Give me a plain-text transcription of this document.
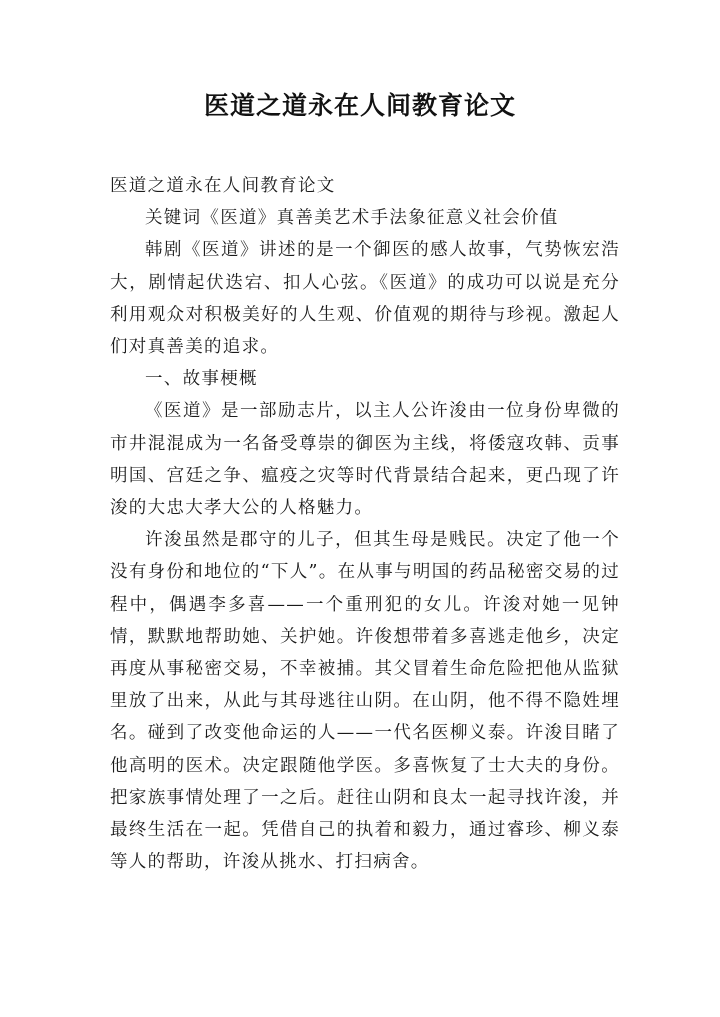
医道之道永在人间教育论文

医道之道永在人间教育论文

关键词《医道》真善美艺术手法象征意义社会价值

韩剧《医道》讲述的是一个御医的感人故事，气势恢宏浩大，剧情起伏迭宕、扣人心弦。《医道》的成功可以说是充分利用观众对积极美好的人生观、价值观的期待与珍视。激起人们对真善美的追求。

一、故事梗概

《医道》是一部励志片，以主人公许浚由一位身份卑微的市井混混成为一名备受尊崇的御医为主线，将倭寇攻韩、贡事明国、宫廷之争、瘟疫之灾等时代背景结合起来，更凸现了许浚的大忠大孝大公的人格魅力。

许浚虽然是郡守的儿子，但其生母是贱民。决定了他一个没有身份和地位的“下人”。在从事与明国的药品秘密交易的过程中，偶遇李多喜——一个重刑犯的女儿。许浚对她一见钟情，默默地帮助她、关护她。许俊想带着多喜逃走他乡，决定再度从事秘密交易，不幸被捕。其父冒着生命危险把他从监狱里放了出来，从此与其母逃往山阴。在山阴，他不得不隐姓埋名。碰到了改变他命运的人——一代名医柳义泰。许浚目睹了他高明的医术。决定跟随他学医。多喜恢复了士大夫的身份。把家族事情处理了一之后。赶往山阴和良太一起寻找许浚，并最终生活在一起。凭借自己的执着和毅力，通过睿珍、柳义泰等人的帮助，许浚从挑水、打扫病舍。
